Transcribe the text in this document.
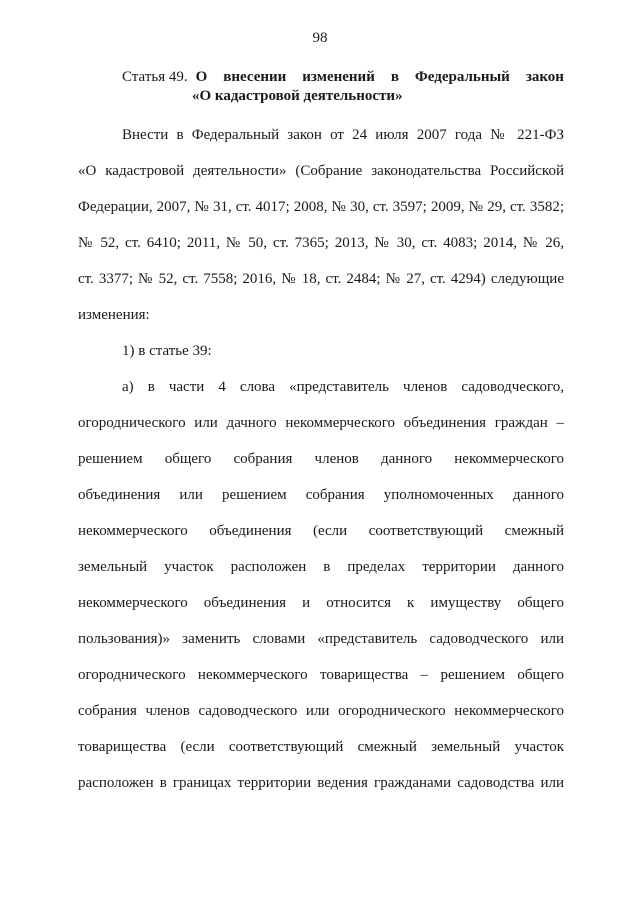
98
Статья 49. О внесении изменений в Федеральный закон
«О кадастровой деятельности»
Внести в Федеральный закон от 24 июля 2007 года № 221-ФЗ
«О кадастровой деятельности» (Собрание законодательства Российской
Федерации, 2007, № 31, ст. 4017; 2008, № 30, ст. 3597; 2009, № 29, ст. 3582;
№ 52, ст. 6410; 2011, № 50, ст. 7365; 2013, № 30, ст. 4083; 2014, № 26,
ст. 3377; № 52, ст. 7558; 2016, № 18, ст. 2484; № 27, ст. 4294) следующие
изменения:
1) в статье 39:
а) в части 4 слова «представитель членов садоводческого,
огороднического или дачного некоммерческого объединения граждан –
решением общего собрания членов данного некоммерческого
объединения или решением собрания уполномоченных данного
некоммерческого объединения (если соответствующий смежный
земельный участок расположен в пределах территории данного
некоммерческого объединения и относится к имуществу общего
пользования)» заменить словами «представитель садоводческого или
огороднического некоммерческого товарищества – решением общего
собрания членов садоводческого или огороднического некоммерческого
товарищества (если соответствующий смежный земельный участок
расположен в границах территории ведения гражданами садоводства или
